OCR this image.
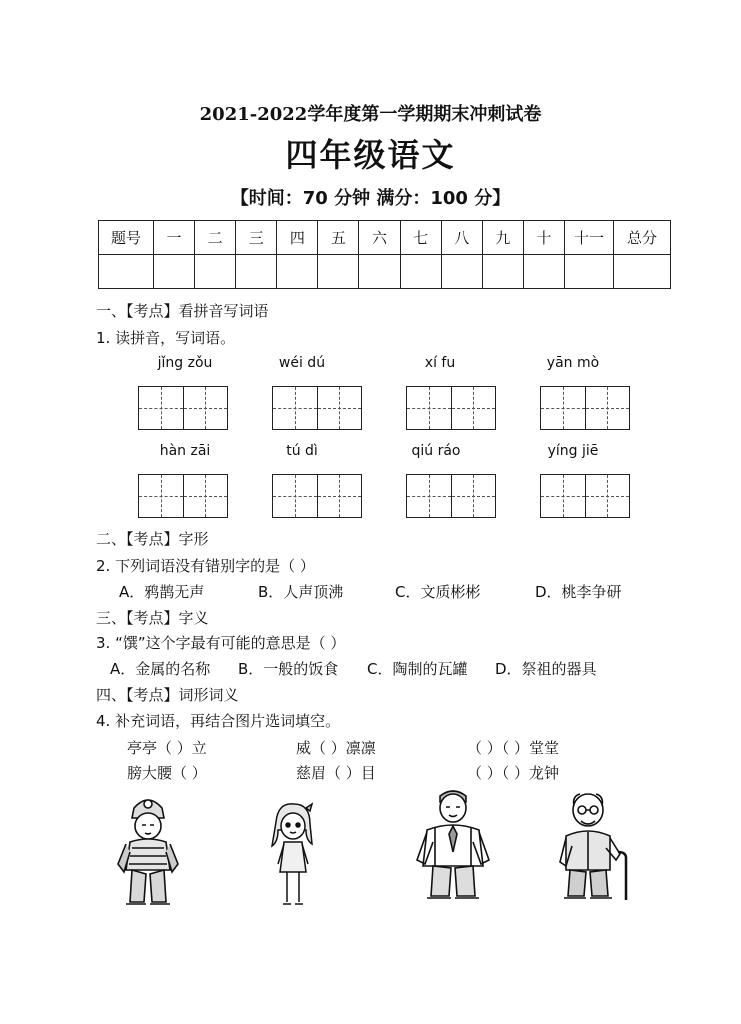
2021-2022学年度第一学期期末冲刺试卷
四年级语文
【时间：70 分钟 满分：100 分】
题号	一	二	三	四	五	六	七	八	九	十	十一	总分

一、【考点】看拼音写词语
1. 读拼音，写词语。
jǐng zǒu	wéi dú	xí fu	yān mò
hàn zāi	tú dì	qiú ráo	yíng jiē
二、【考点】字形
2. 下列词语没有错别字的是（ ）
A．鸦鹊无声	B．人声顶沸	C．文质彬彬	D．桃李争研
三、【考点】字义
3. “馔”这个字最有可能的意思是（ ）
A．金属的名称 B．一般的饭食 C．陶制的瓦罐 D．祭祖的器具
四、【考点】词形词义
4. 补充词语，再结合图片选词填空。
亭亭（ ）立	威（ ）凛凛	（ ）（ ）堂堂
膀大腰（ ）	慈眉（ ）目	（ ）（ ）龙钟
